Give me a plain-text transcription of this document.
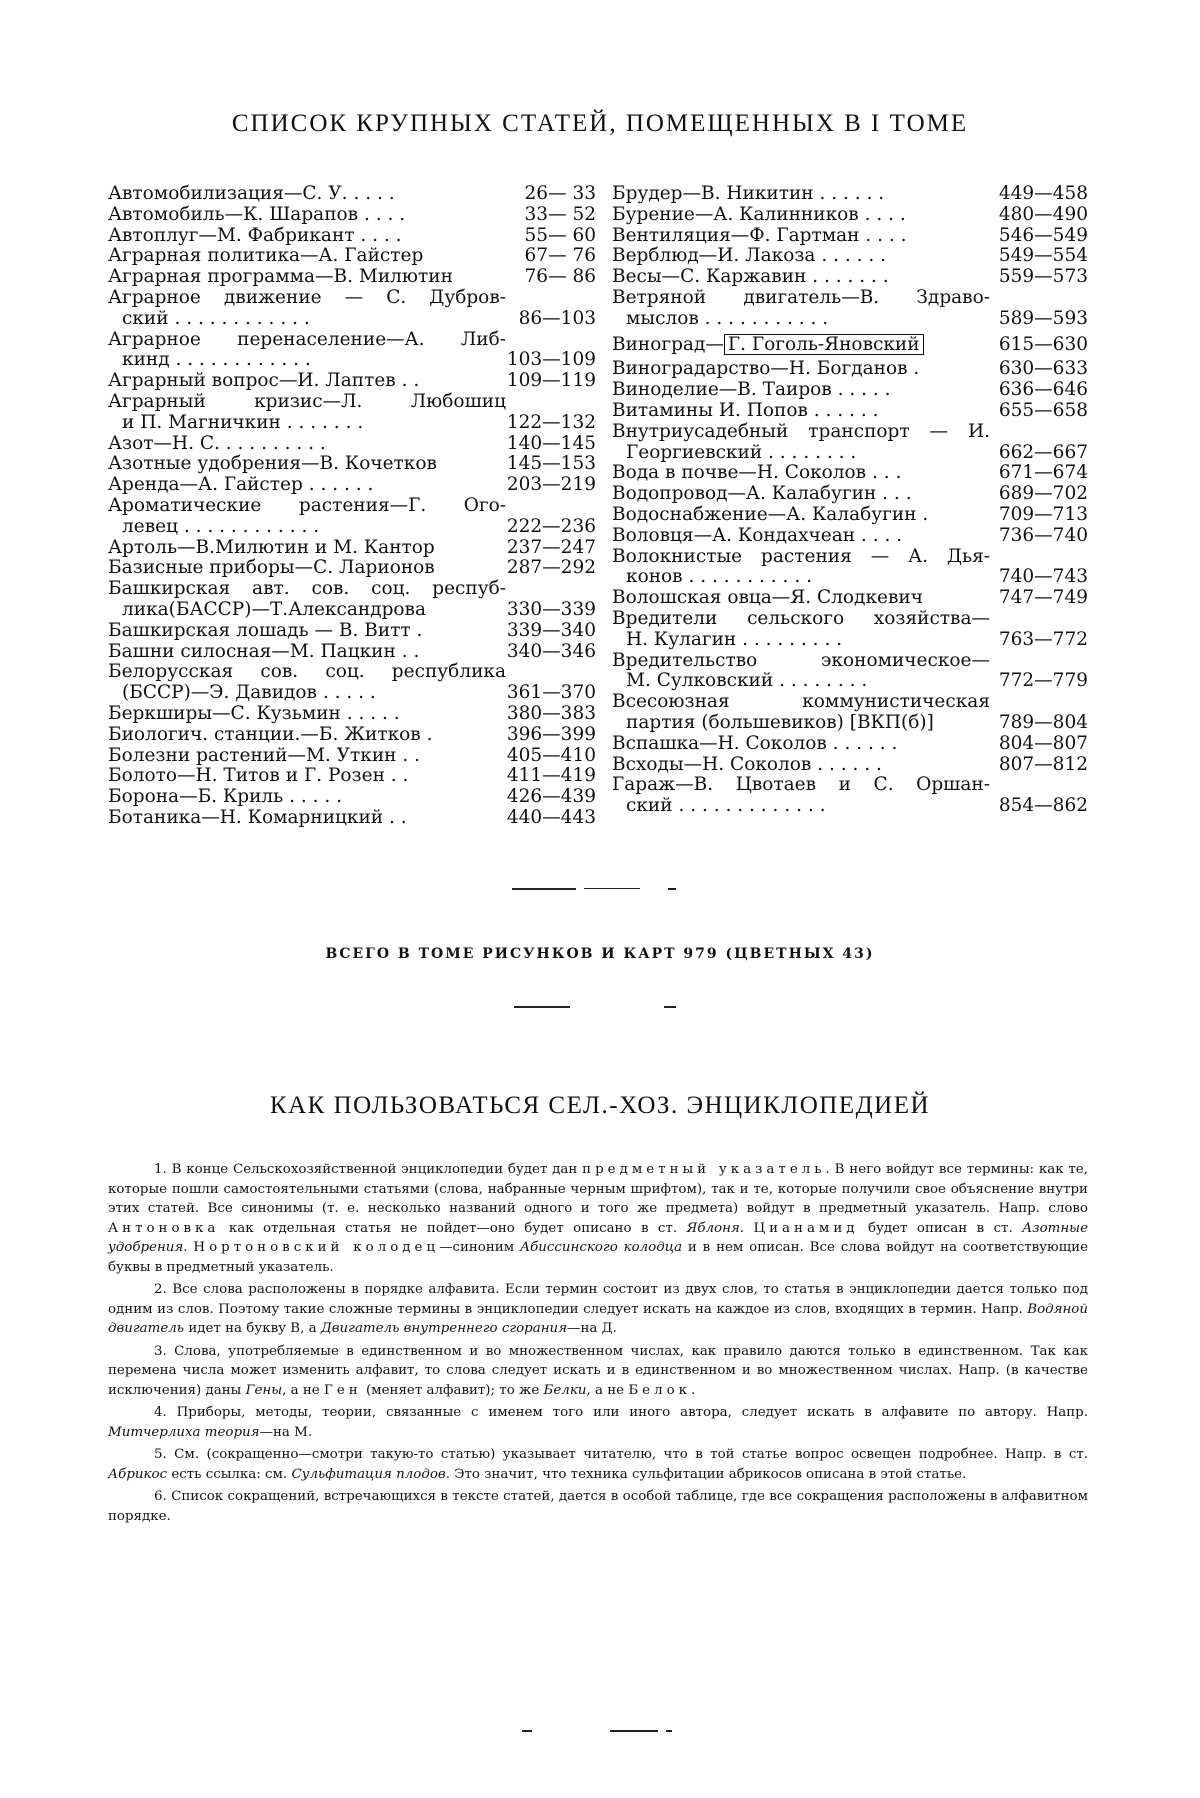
СПИСОК КРУПНЫХ СТАТЕЙ, ПОМЕЩЕННЫХ В I ТОМЕ
Автомобилизация—С. У. . . . .	26— 33
Автомобиль—К. Шарапов . . . .	33— 52
Автоплуг—М. Фабрикант . . . .	55— 60
Аграрная политика—А. Гайстер	67— 76
Аграрная программа—В. Милютин	76— 86
Аграрное движение — С. Дубров-
ский . . . . . . . . . . . .	86—103
Аграрное перенаселение—А. Либ-
кинд . . . . . . . . . . . .	103—109
Аграрный вопрос—И. Лаптев . .	109—119
Аграрный кризис—Л. Любошиц
и П. Магничкин . . . . . . .	122—132
Азот—Н. С. . . . . . . . . .	140—145
Азотные удобрения—В. Кочетков	145—153
Аренда—А. Гайстер . . . . . .	203—219
Ароматические растения—Г. Ого-
левец . . . . . . . . . . . .	222—236
Артоль—В.Милютин и М. Кантор	237—247
Базисные приборы—С. Ларионов	287—292
Башкирская авт. сов. соц. респуб-
лика(БАССР)—Т.Александрова	330—339
Башкирская лошадь — В. Витт .	339—340
Башни силосная—М. Пацкин . .	340—346
Белорусская сов. соц. республика
(БССР)—Э. Давидов . . . . .	361—370
Беркширы—С. Кузьмин . . . . .	380—383
Биологич. станции.—Б. Житков .	396—399
Болезни растений—М. Уткин . .	405—410
Болото—Н. Титов и Г. Розен . .	411—419
Борона—Б. Криль . . . . .	426—439
Ботаника—Н. Комарницкий . .	440—443
Брудер—В. Никитин . . . . . .	449—458
Бурение—А. Калинников . . . .	480—490
Вентиляция—Ф. Гартман . . . .	546—549
Верблюд—И. Лакоза . . . . . .	549—554
Весы—С. Каржавин . . . . . . .	559—573
Ветряной двигатель—В. Здраво-
мыслов . . . . . . . . . . .	589—593
Виноград— Г. Гоголь-Яновский	615—630
Виноградарство—Н. Богданов .	630—633
Виноделие—В. Таиров . . . . .	636—646
Витамины И. Попов . . . . . .	655—658
Внутриусадебный транспорт — И.
Георгиевский . . . . . . . .	662—667
Вода в почве—Н. Соколов . . .	671—674
Водопровод—А. Калабугин . . .	689—702
Водоснабжение—А. Калабугин .	709—713
Воловця—А. Кондахчеан . . . .	736—740
Волокнистые растения — А. Дья-
конов . . . . . . . . . . .	740—743
Волошская овца—Я. Слодкевич	747—749
Вредители сельского хозяйства—
Н. Кулагин . . . . . . . . .	763—772
Вредительство экономическое—
М. Сулковский . . . . . . . .	772—779
Всесоюзная коммунистическая
партия (большевиков) [ВКП(б)]	789—804
Вспашка—Н. Соколов . . . . . .	804—807
Всходы—Н. Соколов . . . . . .	807—812
Гараж—В. Цвотаев и С. Оршан-
ский . . . . . . . . . . . . .	854—862
ВСЕГО В ТОМЕ РИСУНКОВ И КАРТ 979 (ЦВЕТНЫХ 43)
КАК ПОЛЬЗОВАТЬСЯ СЕЛ.-ХОЗ. ЭНЦИКЛОПЕДИЕЙ

1. В конце Сельскохозяйственной энциклопедии будет дан предметный указатель. В него войдут все термины: как те, которые пошли самостоятельными статьями (слова, набранные черным шрифтом), так и те, которые получили свое объяснение внутри этих статей. Все синонимы (т. е. несколько названий одного и того же предмета) войдут в предметный указатель. Напр. слово Антоновка как отдельная статья не пойдет—оно будет описано в ст. Яблоня. Цианамид будет описан в ст. Азотные удобрения. Нортоновский колодец—синоним Абиссинского колодца и в нем описан. Все слова войдут на соответствующие буквы в предметный указатель.

2. Все слова расположены в порядке алфавита. Если термин состоит из двух слов, то статья в энциклопедии дается только под одним из слов. Поэтому такие сложные термины в энциклопедии следует искать на каждое из слов, входящих в термин. Напр. Водяной двигатель идет на букву В, а Двигатель внутреннего сгорания—на Д.

3. Слова, употребляемые в единственном и во множественном числах, как правило даются только в единственном. Так как перемена числа может изменить алфавит, то слова следует искать и в единственном и во множественном числах. Напр. (в качестве исключения) даны Гены, а не Ген (меняет алфавит); то же Белки, а не Белок.

4. Приборы, методы, теории, связанные с именем того или иного автора, следует искать в алфавите по автору. Напр. Митчерлиха теория—на М.

5. См. (сокращенно—смотри такую-то статью) указывает читателю, что в той статье вопрос освещен подробнее. Напр. в ст. Абрикос есть ссылка: см. Сульфитация плодов. Это значит, что техника сульфитации абрикосов описана в этой статье.

6. Список сокращений, встречающихся в тексте статей, дается в особой таблице, где все сокращения расположены в алфавитном порядке.
